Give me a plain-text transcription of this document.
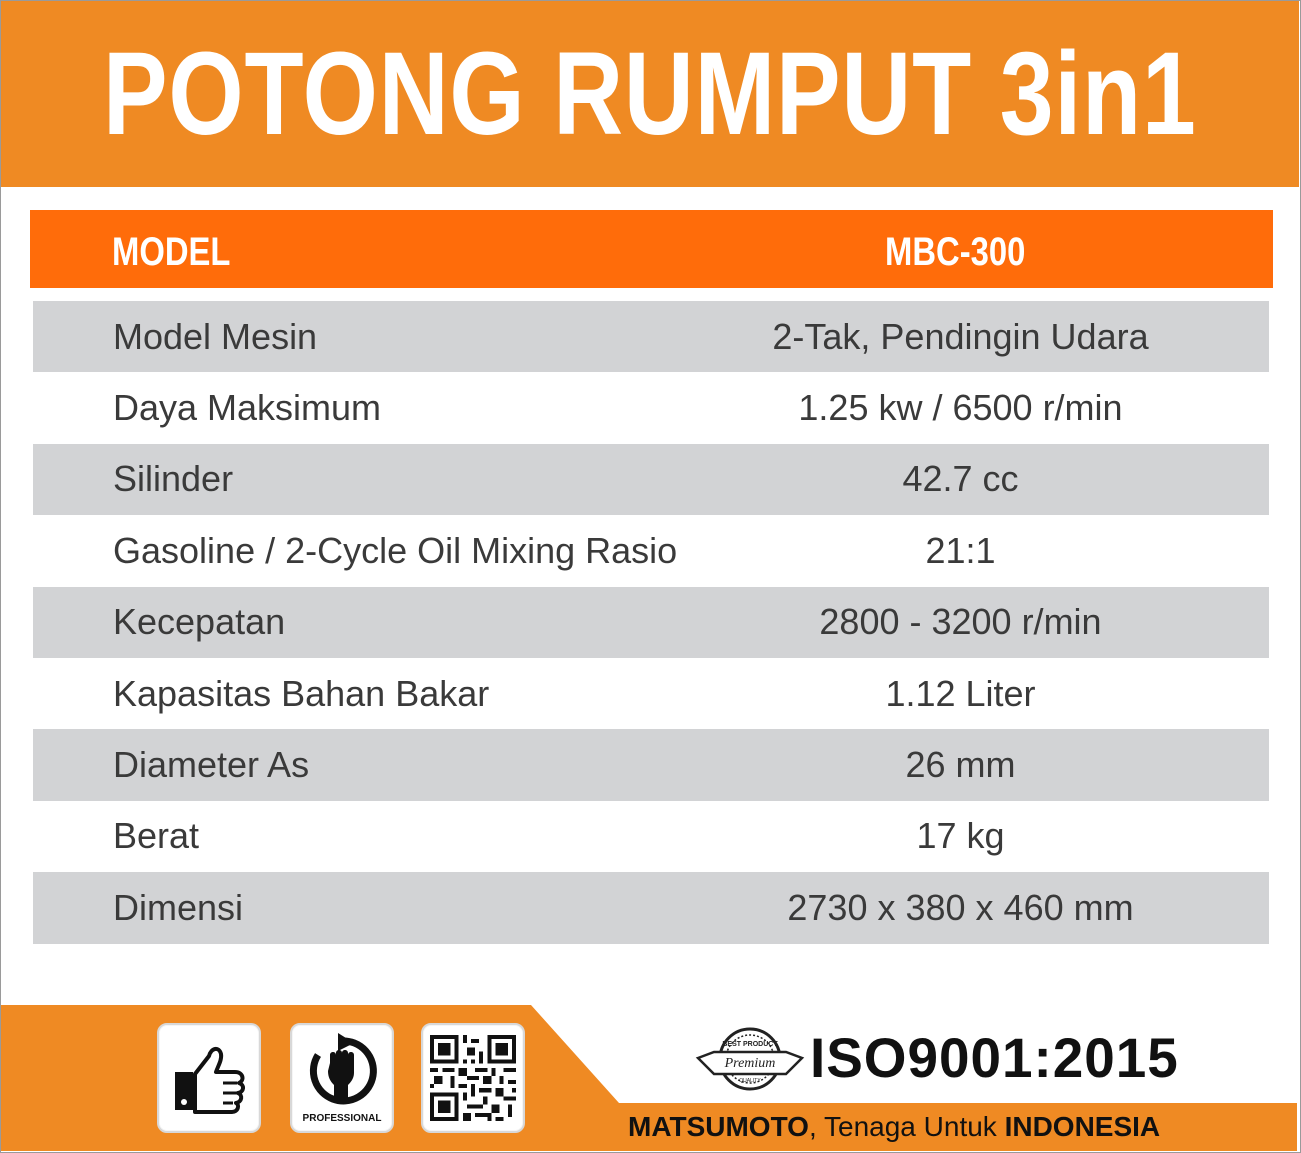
POTONG RUMPUT 3in1
MODEL	MBC-300
Model Mesin	2-Tak, Pendingin Udara
Daya Maksimum	1.25 kw / 6500 r/min
Silinder	42.7 cc
Gasoline / 2-Cycle Oil Mixing Rasio	21:1
Kecepatan	2800 - 3200 r/min
Kapasitas Bahan Bakar	1.12 Liter
Diameter As	26 mm
Berat	17 kg
Dimensi	2730 x 380 x 460 mm
PROFESSIONAL
BEST PRODUCT
Premium
QUALITY ISO9001:2015
MATSUMOTO, Tenaga Untuk INDONESIA
